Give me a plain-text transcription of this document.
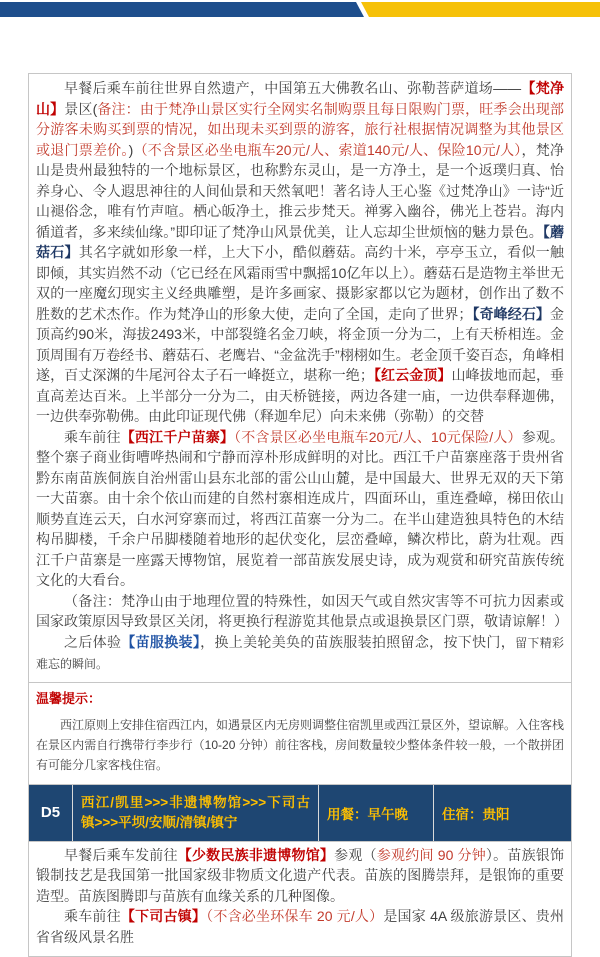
早餐后乘车前往世界自然遗产，中国第五大佛教名山、弥勒菩萨道场——【梵净山】景区(备注：由于梵净山景区实行全网实名制购票且每日限购门票，旺季会出现部分游客未购买到票的情况，如出现未买到票的游客，旅行社根据情况调整为其他景区或退门票差价。)（不含景区必坐电瓶车20元/人、索道140元/人、保险10元/人），梵净山是贵州最独特的一个地标景区，也称黔东灵山，是一方净土，是一个返璞归真、怡养身心、令人遐思神往的人间仙景和天然氧吧！著名诗人王心鉴《过梵净山》一诗“近山褪俗念，唯有竹声喧。栖心皈净土，推云步梵天。禅雾入幽谷，佛光上苍岩。海内循道者，多来续仙缘。”即印证了梵净山风景优美，让人忘却尘世烦恼的魅力景色。【蘑菇石】其名字就如形象一样，上大下小，酷似蘑菇。高约十米，亭亭玉立，看似一触即倾，其实岿然不动（它已经在风霜雨雪中飘摇10亿年以上）。蘑菇石是造物主举世无双的一座魔幻现实主义经典雕塑，是许多画家、摄影家都以它为题材，创作出了数不胜数的艺术杰作。作为梵净山的形象大使，走向了全国，走向了世界；【奇峰经石】金顶高约90米，海拔2493米，中部裂缝名金刀峡，将金顶一分为二，上有天桥相连。金顶周围有万卷经书、蘑菇石、老鹰岩、“金盆洗手”栩栩如生。老金顶千姿百态，角峰相遂，百丈深渊的牛尾河谷太子石一峰挺立，堪称一绝；【红云金顶】山峰拔地而起，垂直高差达百米。上半部分一分为二，由天桥链接，两边各建一庙，一边供奉释迦佛，一边供奉弥勒佛。由此印证现代佛（释迦牟尼）向未来佛（弥勒）的交替

乘车前往【西江千户苗寨】（不含景区必坐电瓶车20元/人、10元保险/人）参观。整个寨子商业街嘈哗热闹和宁静而淳朴形成鲜明的对比。西江千户苗寨座落于贵州省黔东南苗族侗族自治州雷山县东北部的雷公山山麓，是中国最大、世界无双的天下第一大苗寨。由十余个依山而建的自然村寨相连成片，四面环山，重连叠嶂，梯田依山顺势直连云天，白水河穿寨而过，将西江苗寨一分为二。在半山建造独具特色的木结构吊脚楼，千余户吊脚楼随着地形的起伏变化，层峦叠嶂，鳞次栉比，蔚为壮观。西江千户苗寨是一座露天博物馆，展览着一部苗族发展史诗，成为观赏和研究苗族传统文化的大看台。

（备注：梵净山由于地理位置的特殊性，如因天气或自然灾害等不可抗力因素或国家政策原因导致景区关闭，将更换行程游览其他景点或退换景区门票，敬请谅解！）

之后体验【苗服换装】，换上美轮美奂的苗族服装拍照留念，按下快门，留下精彩难忘的瞬间。

温馨提示：

西江原则上安排住宿西江内，如遇景区内无房则调整住宿凯里或西江景区外，望谅解。入住客栈在景区内需自行携带行李步行（10-20 分钟）前往客栈，房间数量较少整体条件较一般，一个散拼团有可能分几家客栈住宿。

D5
西江/凯里>>>非遗博物馆>>>下司古
镇>>>平坝/安顺/清镇/镇宁
用餐：早午晚	住宿：贵阳

早餐后乘车发前往【少数民族非遗博物馆】参观（参观约间 90 分钟）。苗族银饰锻制技艺是我国第一批国家级非物质文化遗产代表。苗族的图腾崇拜，是银饰的重要造型。苗族图腾即与苗族有血缘关系的几种图像。

乘车前往【下司古镇】（不含必坐环保车 20 元/人）是国家 4A 级旅游景区、贵州省省级风景名胜
